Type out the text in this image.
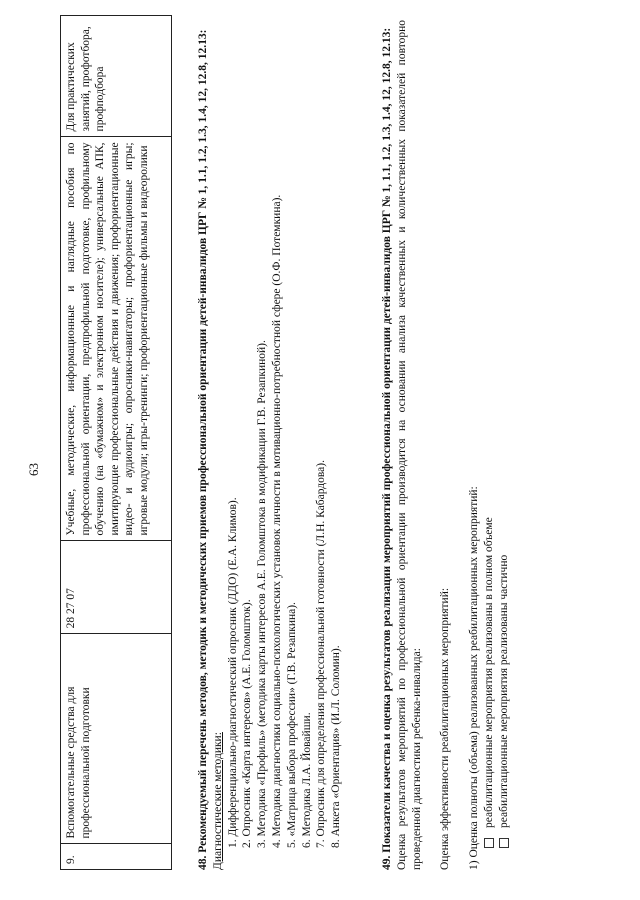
63
9.	Вспомогательные средства для профессиональной подготовки	28 27 07	Учебные, методические, информационные и наглядные пособия по профессиональной ориентации, предпрофильной подготовке, профильному обучению (на «бумажном» и электронном носителе); универсальные АПК, имитирующие профессиональные действия и движения; профориентационные видео- и аудиоигры; опросники-навигаторы; профориентационные игры; игровые модули; игры-тренинги; профориентационные фильмы и видеоролики	Для практических занятий, профотбора, профподбора	48. Рекомендуемый перечень методов, методик и методических приемов профессиональной ориентации детей-инвалидов ЦРГ № 1, 1.1, 1.2, 1.3, 1.4, 12, 12.8, 12.13: Диагностические методики: 1. Дифференциально-диагностический опросник (ДДО) (Е.А. Климов). 2. Опросник «Карта интересов» (А.Е. Голомшток). 3. Методика «Профиль» (методика карты интересов А.Е. Голомштока в модификации Г.В. Резапкиной). 4. Методика диагностики социально-психологических установок личности в мотивационно-потребностной сфере (О.Ф. Потемкина). 5. «Матрица выбора профессии» (Г.В. Резапкина). 6. Методика Л.А. Йовайши. 7. Опросник для определения профессиональной готовности (Л.Н. Кабардова). 8. Анкета «Ориентация» (И.Л. Соломин).	49. Показатели качества и оценка результатов реализации мероприятий профессиональной ориентации детей-инвалидов ЦРГ № 1, 1.1, 1.2, 1.3, 1.4, 12, 12.8, 12.13: Оценка результатов мероприятий по профессиональной ориентации производится на основании анализа качественных и количественных показателей повторно проведенной диагностики ребенка-инвалида: Оценка эффективности реабилитационных мероприятий: 1) Оценка полноты (объема) реализованных реабилитационных мероприятий: реабилитационные мероприятия реализованы в полном объеме реабилитационные мероприятия реализованы частично
